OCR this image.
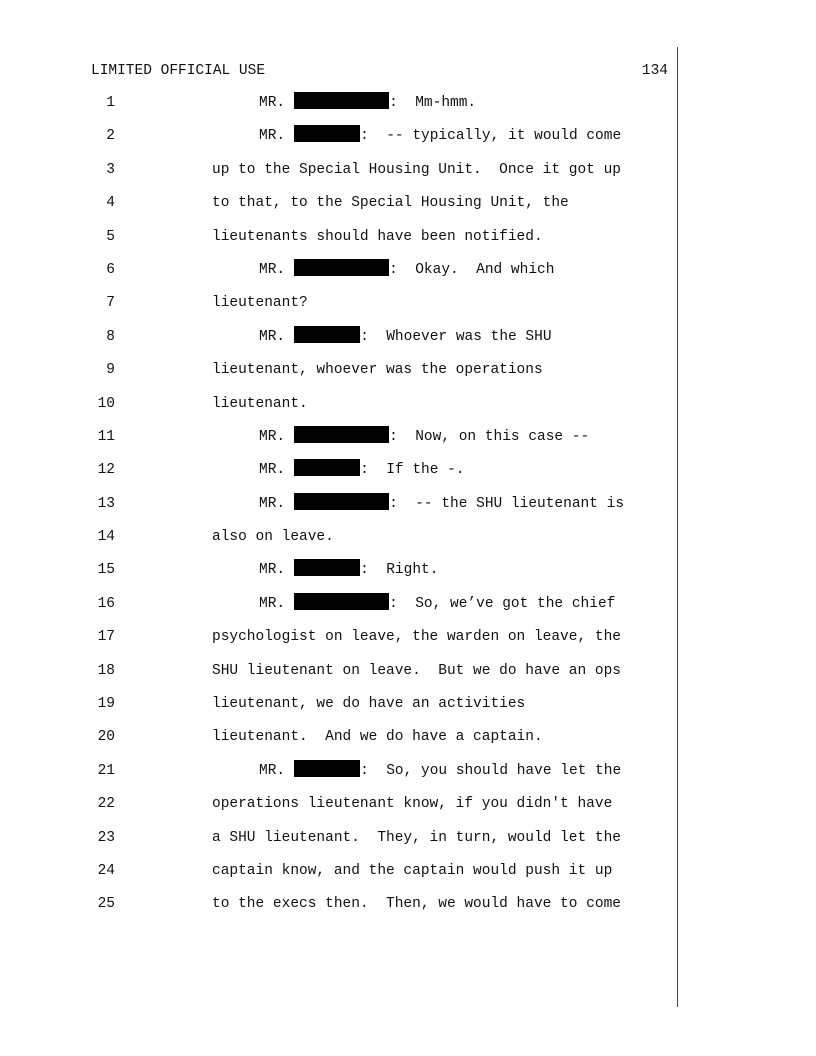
LIMITED OFFICIAL USE	134
1	MR.	:  Mm-hmm.
2	MR.	:  -- typically, it would come
3	up to the Special Housing Unit.  Once it got up
4	to that, to the Special Housing Unit, the
5	lieutenants should have been notified.
6	MR.	:  Okay.  And which
7	lieutenant?
8	MR.	:  Whoever was the SHU
9	lieutenant, whoever was the operations
10	lieutenant.
11	MR.	:  Now, on this case --
12	MR.	:  If the -.
13	MR.	:  -- the SHU lieutenant is
14	also on leave.
15	MR.	:  Right.
16	MR.	:  So, we’ve got the chief
17	psychologist on leave, the warden on leave, the
18	SHU lieutenant on leave.  But we do have an ops
19	lieutenant, we do have an activities
20	lieutenant.  And we do have a captain.
21	MR.	:  So, you should have let the
22	operations lieutenant know, if you didn't have
23	a SHU lieutenant.  They, in turn, would let the
24	captain know, and the captain would push it up
25	to the execs then.  Then, we would have to come
